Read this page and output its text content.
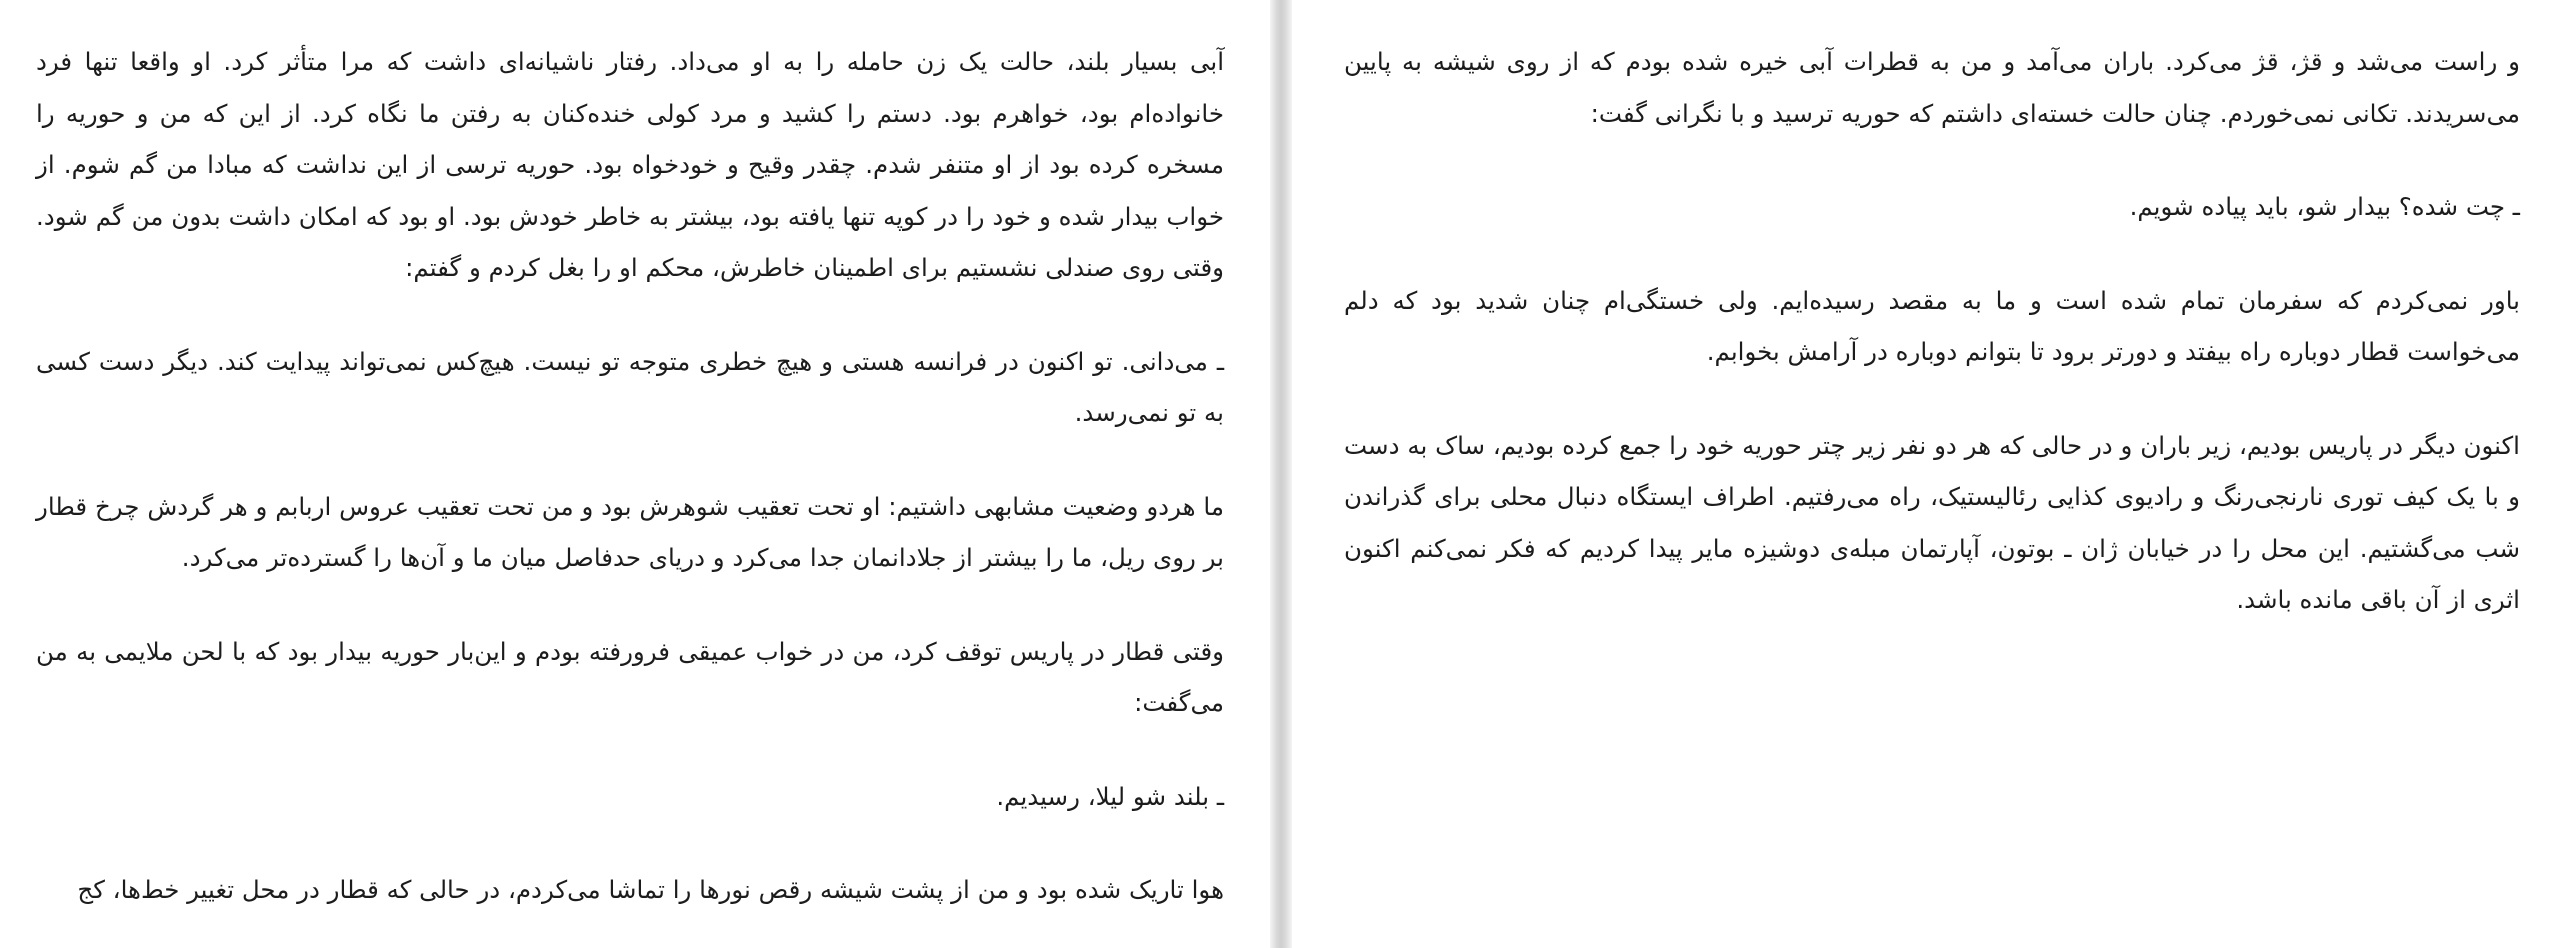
آبی بسیار بلند، حالت یک زن حامله را به او می‌داد. رفتار ناشیانه‌ای داشت که مرا متأثر کرد. او واقعا تنها فرد خانواده‌ام بود، خواهرم بود. دستم را کشید و مرد کولی خنده‌کنان به رفتن ما نگاه کرد. از این که من و حوریه را مسخره کرده بود از او متنفر شدم. چقدر وقیح و خودخواه بود. حوریه ترسی از این نداشت که مبادا من گم شوم. از خواب بیدار شده و خود را در کوپه تنها یافته بود، بیشتر به خاطر خودش بود. او بود که امکان داشت بدون من گم شود. وقتی روی صندلی نشستیم برای اطمینان خاطرش، محکم او را بغل کردم و گفتم:

ـ می‌دانی. تو اکنون در فرانسه هستی و هیچ خطری متوجه تو نیست. هیچ‌کس نمی‌تواند پیدایت کند. دیگر دست کسی به تو نمی‌رسد.

ما هردو وضعیت مشابهی داشتیم: او تحت تعقیب شوهرش بود و من تحت تعقیب عروس اربابم و هر گردش چرخ قطار بر روی ریل، ما را بیشتر از جلادانمان جدا می‌کرد و دریای حدفاصل میان ما و آن‌ها را گسترده‌تر می‌کرد.

وقتی قطار در پاریس توقف کرد، من در خواب عمیقی فرورفته بودم و این‌بار حوریه بیدار بود که با لحن ملایمی به من می‌گفت:

ـ بلند شو لیلا، رسیدیم.

هوا تاریک شده بود و من از پشت شیشه رقص نورها را تماشا می‌کردم، در حالی که قطار در محل تغییر خط‌ها، کج

و راست می‌شد و قژ، قژ می‌کرد. باران می‌آمد و من به قطرات آبی خیره شده بودم که از روی شیشه به پایین می‌سریدند. تکانی نمی‌خوردم. چنان حالت خسته‌ای داشتم که حوریه ترسید و با نگرانی گفت:

ـ چت شده؟ بیدار شو، باید پیاده شویم.

باور نمی‌کردم که سفرمان تمام شده است و ما به مقصد رسیده‌ایم. ولی خستگی‌ام چنان شدید بود که دلم می‌خواست قطار دوباره راه بیفتد و دورتر برود تا بتوانم دوباره در آرامش بخوابم.

اکنون دیگر در پاریس بودیم، زیر باران و در حالی که هر دو نفر زیر چتر حوریه خود را جمع کرده بودیم، ساک به دست و با یک کیف توری نارنجی‌رنگ و رادیوی کذایی رئالیستیک، راه می‌رفتیم. اطراف ایستگاه دنبال محلی برای گذراندن شب می‌گشتیم. این محل را در خیابان ژان ـ بوتون، آپارتمان مبله‌ی دوشیزه مایر پیدا کردیم که فکر نمی‌کنم اکنون اثری از آن باقی مانده باشد.
